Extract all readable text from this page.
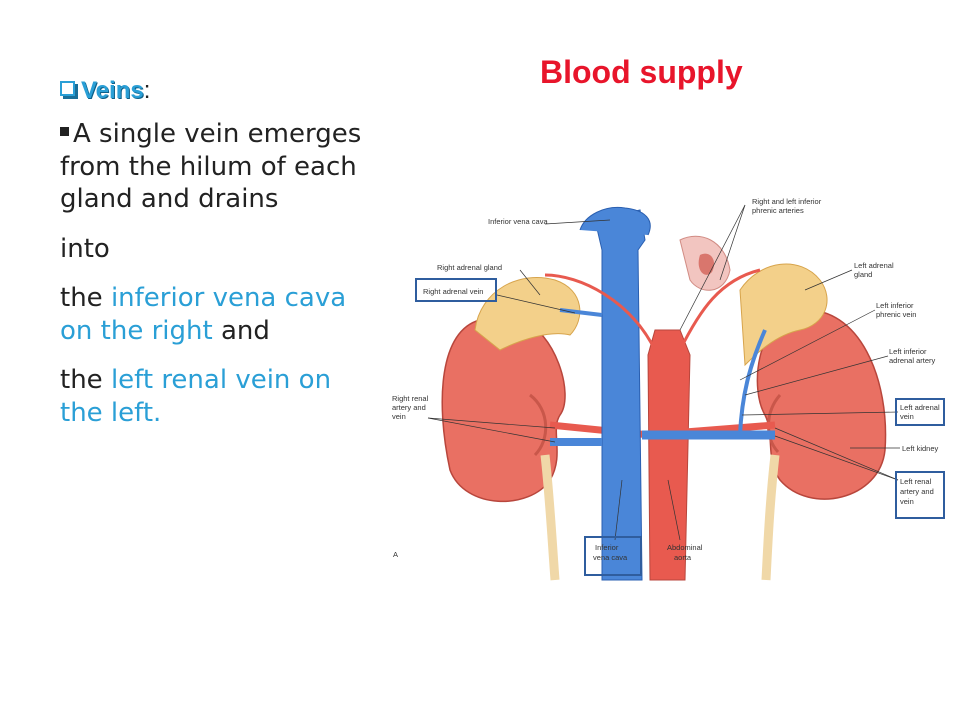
Blood supply
Veins:
A single vein emerges from the hilum of each gland and drains
into
the inferior vena cava on the right and
the left renal vein on the left.
Inferior vena cava
Right and left inferior
phrenic arteries
Right adrenal gland
Right adrenal vein
Left adrenal
gland
Left inferior
phrenic vein
Left inferior
adrenal artery
Right renal
artery and
vein
Left adrenal
vein
Left kidney
Left renal
artery and
vein
Inferior
vena cava
Abdominal
aorta
A
